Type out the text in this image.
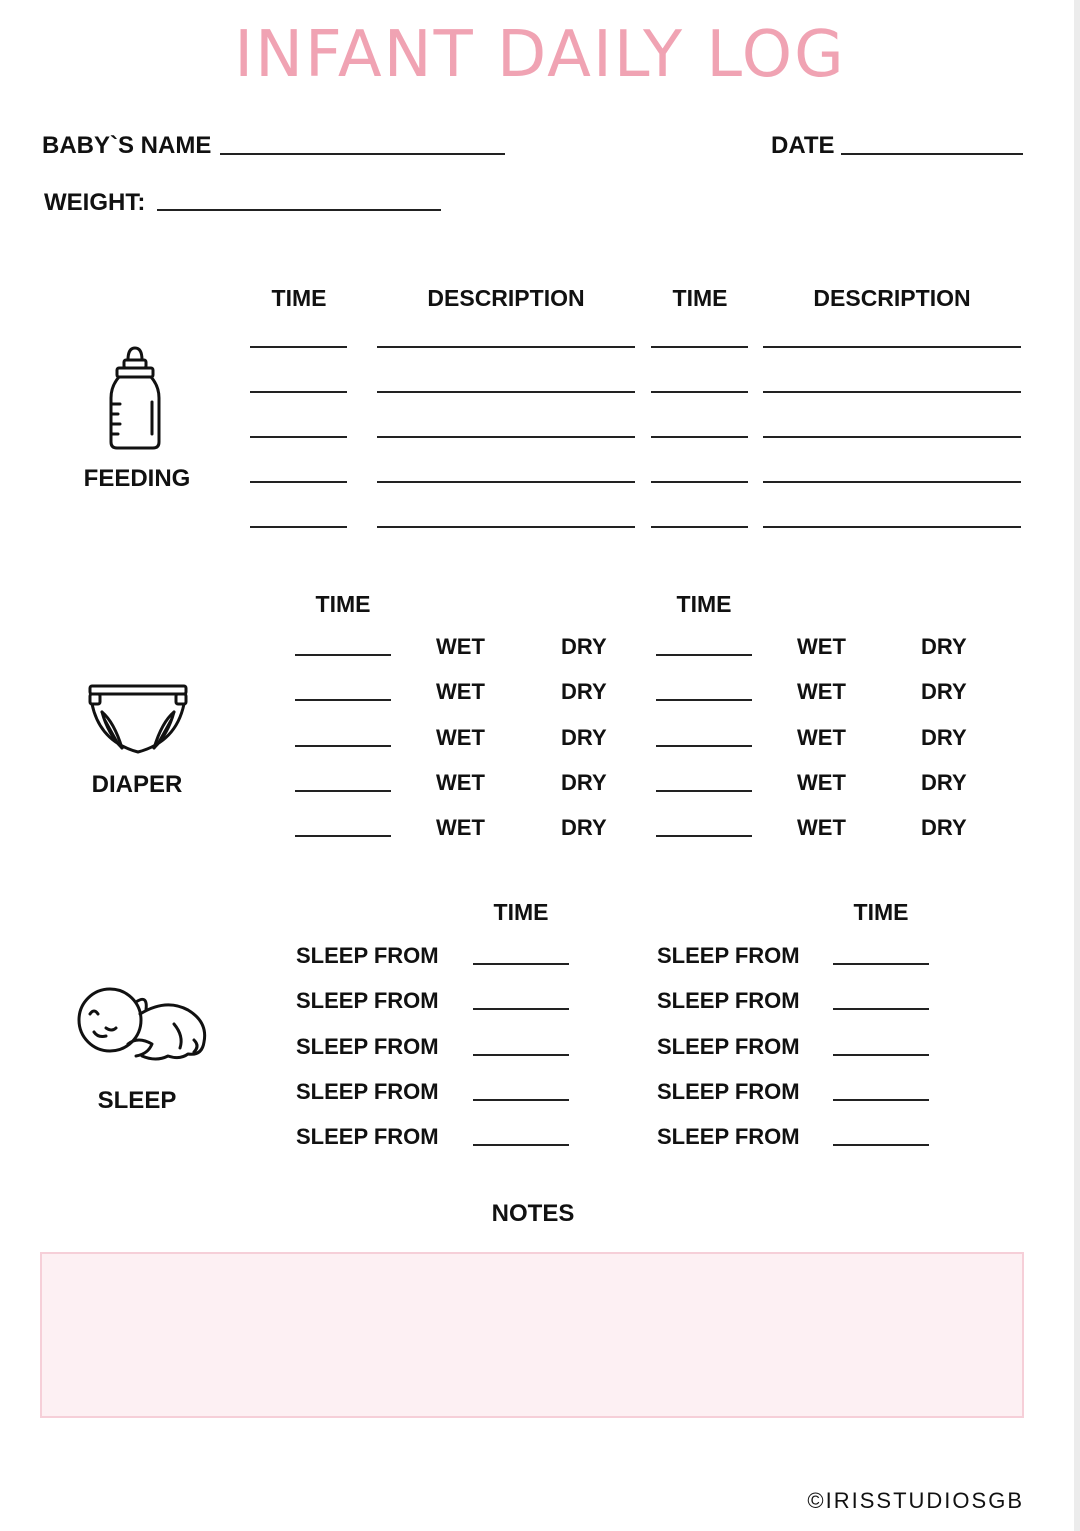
INFANT DAILY LOG
BABY`S NAME	DATE
WEIGHT:
TIME	DESCRIPTION	TIME	DESCRIPTION
FEEDING
TIME	TIME
WET	DRY	WET	DRY
WET	DRY	WET	DRY
WET	DRY	WET	DRY
WET	DRY	WET	DRY
WET	DRY	WET	DRY
DIAPER
TIME	TIME
SLEEP FROM	SLEEP FROM
SLEEP FROM	SLEEP FROM
SLEEP FROM	SLEEP FROM
SLEEP FROM	SLEEP FROM
SLEEP FROM	SLEEP FROM
SLEEP
NOTES
©IRISSTUDIOSGB
